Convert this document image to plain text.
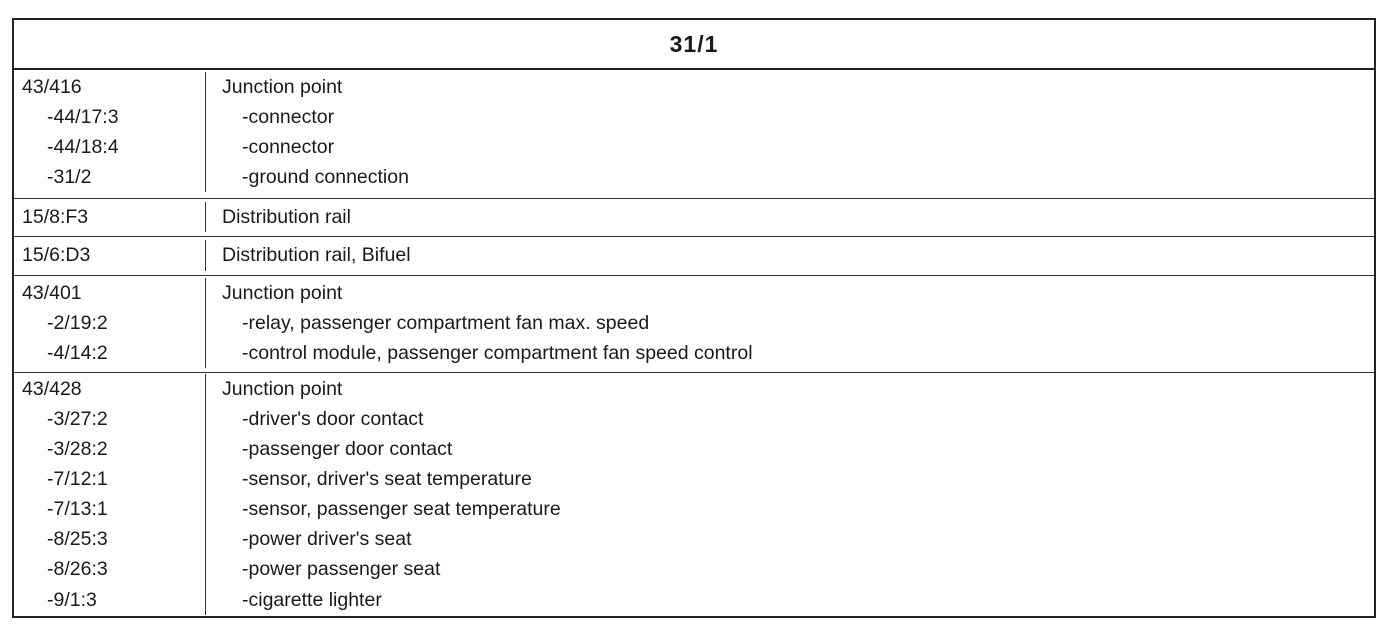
31/1
43/416
-44/17:3
-44/18:4
-31/2
Junction point
-connector
-connector
-ground connection
15/8:F3	Distribution rail
15/6:D3	Distribution rail, Bifuel
43/401
-2/19:2
-4/14:2
Junction point
-relay, passenger compartment fan max. speed
-control module, passenger compartment fan speed control
43/428
-3/27:2
-3/28:2
-7/12:1
-7/13:1
-8/25:3
-8/26:3
-9/1:3
Junction point
-driver's door contact
-passenger door contact
-sensor, driver's seat temperature
-sensor, passenger seat temperature
-power driver's seat
-power passenger seat
-cigarette lighter
